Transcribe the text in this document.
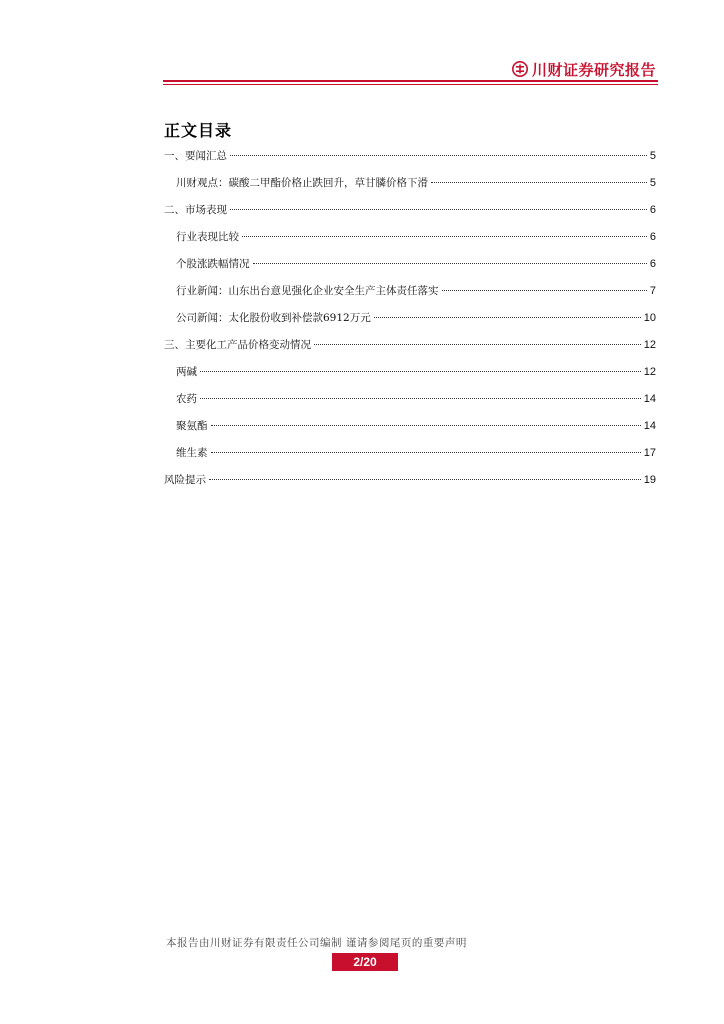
川财证券研究报告
正文目录
一、要闻汇总	5
川财观点：碳酸二甲酯价格止跌回升，草甘膦价格下滑	5
二、市场表现	6
行业表现比较	6
个股涨跌幅情况	6
行业新闻：山东出台意见强化企业安全生产主体责任落实	7
公司新闻：太化股份收到补偿款6912万元	10
三、主要化工产品价格变动情况	12
两碱	12
农药	14
聚氨酯	14
维生素	17
风险提示	19
本报告由川财证券有限责任公司编制 谨请参阅尾页的重要声明
2/20
